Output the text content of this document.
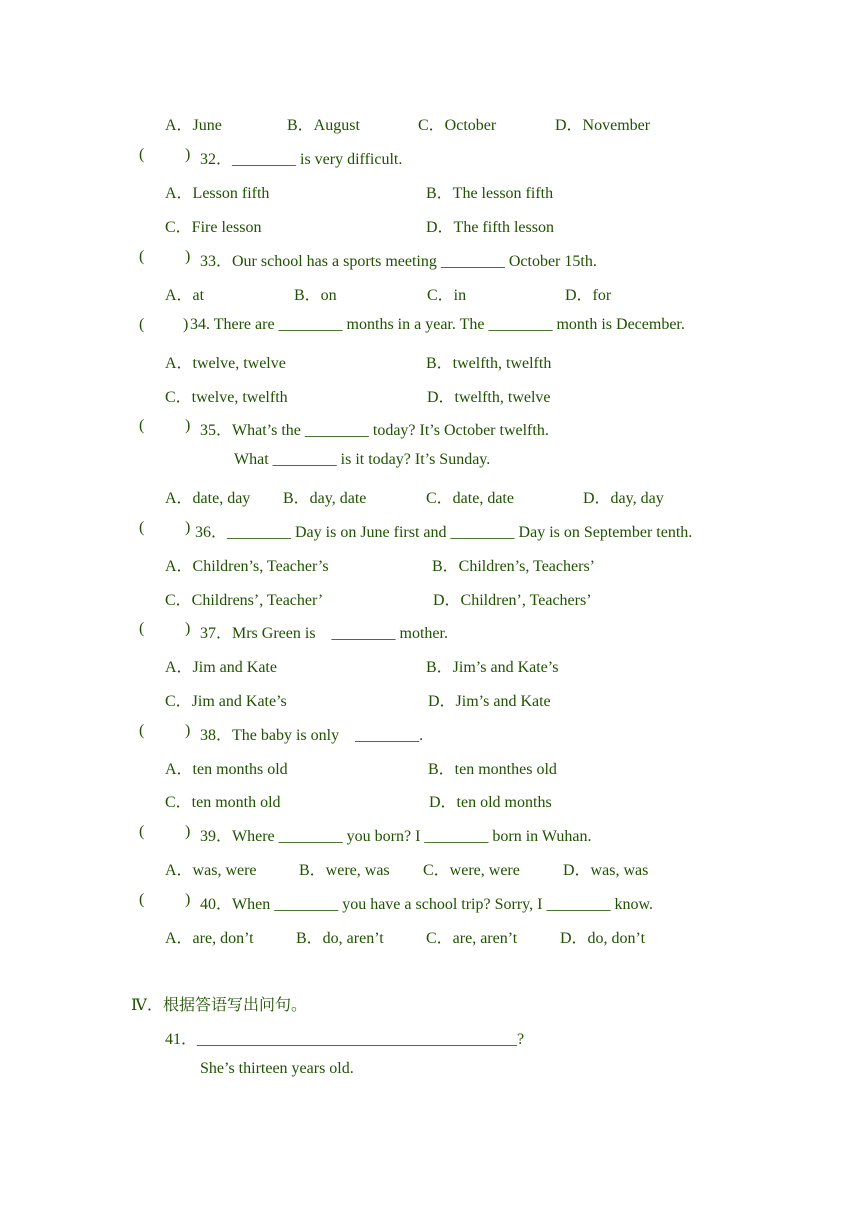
A．June	B．August	C．October	D．November
(	) 32．________ is very difficult.
A．Lesson fifth	B．The lesson fifth
C．Fire lesson	D．The fifth lesson
(	) 33．Our school has a sports meeting ________ October 15th.
A．at	B．on	C．in	D．for
( ) 34. There are ________ months in a year. The ________ month is December.
A．twelve, twelve	B．twelfth, twelfth
C．twelve, twelfth	D．twelfth, twelve
(	) 35．What’s the ________ today? It’s October twelfth.
What ________ is it today? It’s Sunday.
A．date, day B．day, date	C．date, date	D．day, day
(	) 36．________ Day is on June first and ________ Day is on September tenth.
A．Children’s, Teacher’s	B．Children’s, Teachers’
C．Childrens’, Teacher’	D．Children’, Teachers’
(	) 37．Mrs Green is    ________ mother.
A．Jim and Kate	B．Jim’s and Kate’s
C．Jim and Kate’s	D．Jim’s and Kate
(	) 38．The baby is only    ________.
A．ten months old	B．ten monthes old
C．ten month old	D．ten old months
(	) 39．Where ________ you born? I ________ born in Wuhan.
A．was, were	B．were, was C．were, were	D．was, was
(	) 40．When ________ you have a school trip? Sorry, I ________ know.
A．are, don’t	B．do, aren’t	C．are, aren’t	D．do, don’t
Ⅳ．根据答语写出问句。
41．________________________________________?
She’s thirteen years old.
